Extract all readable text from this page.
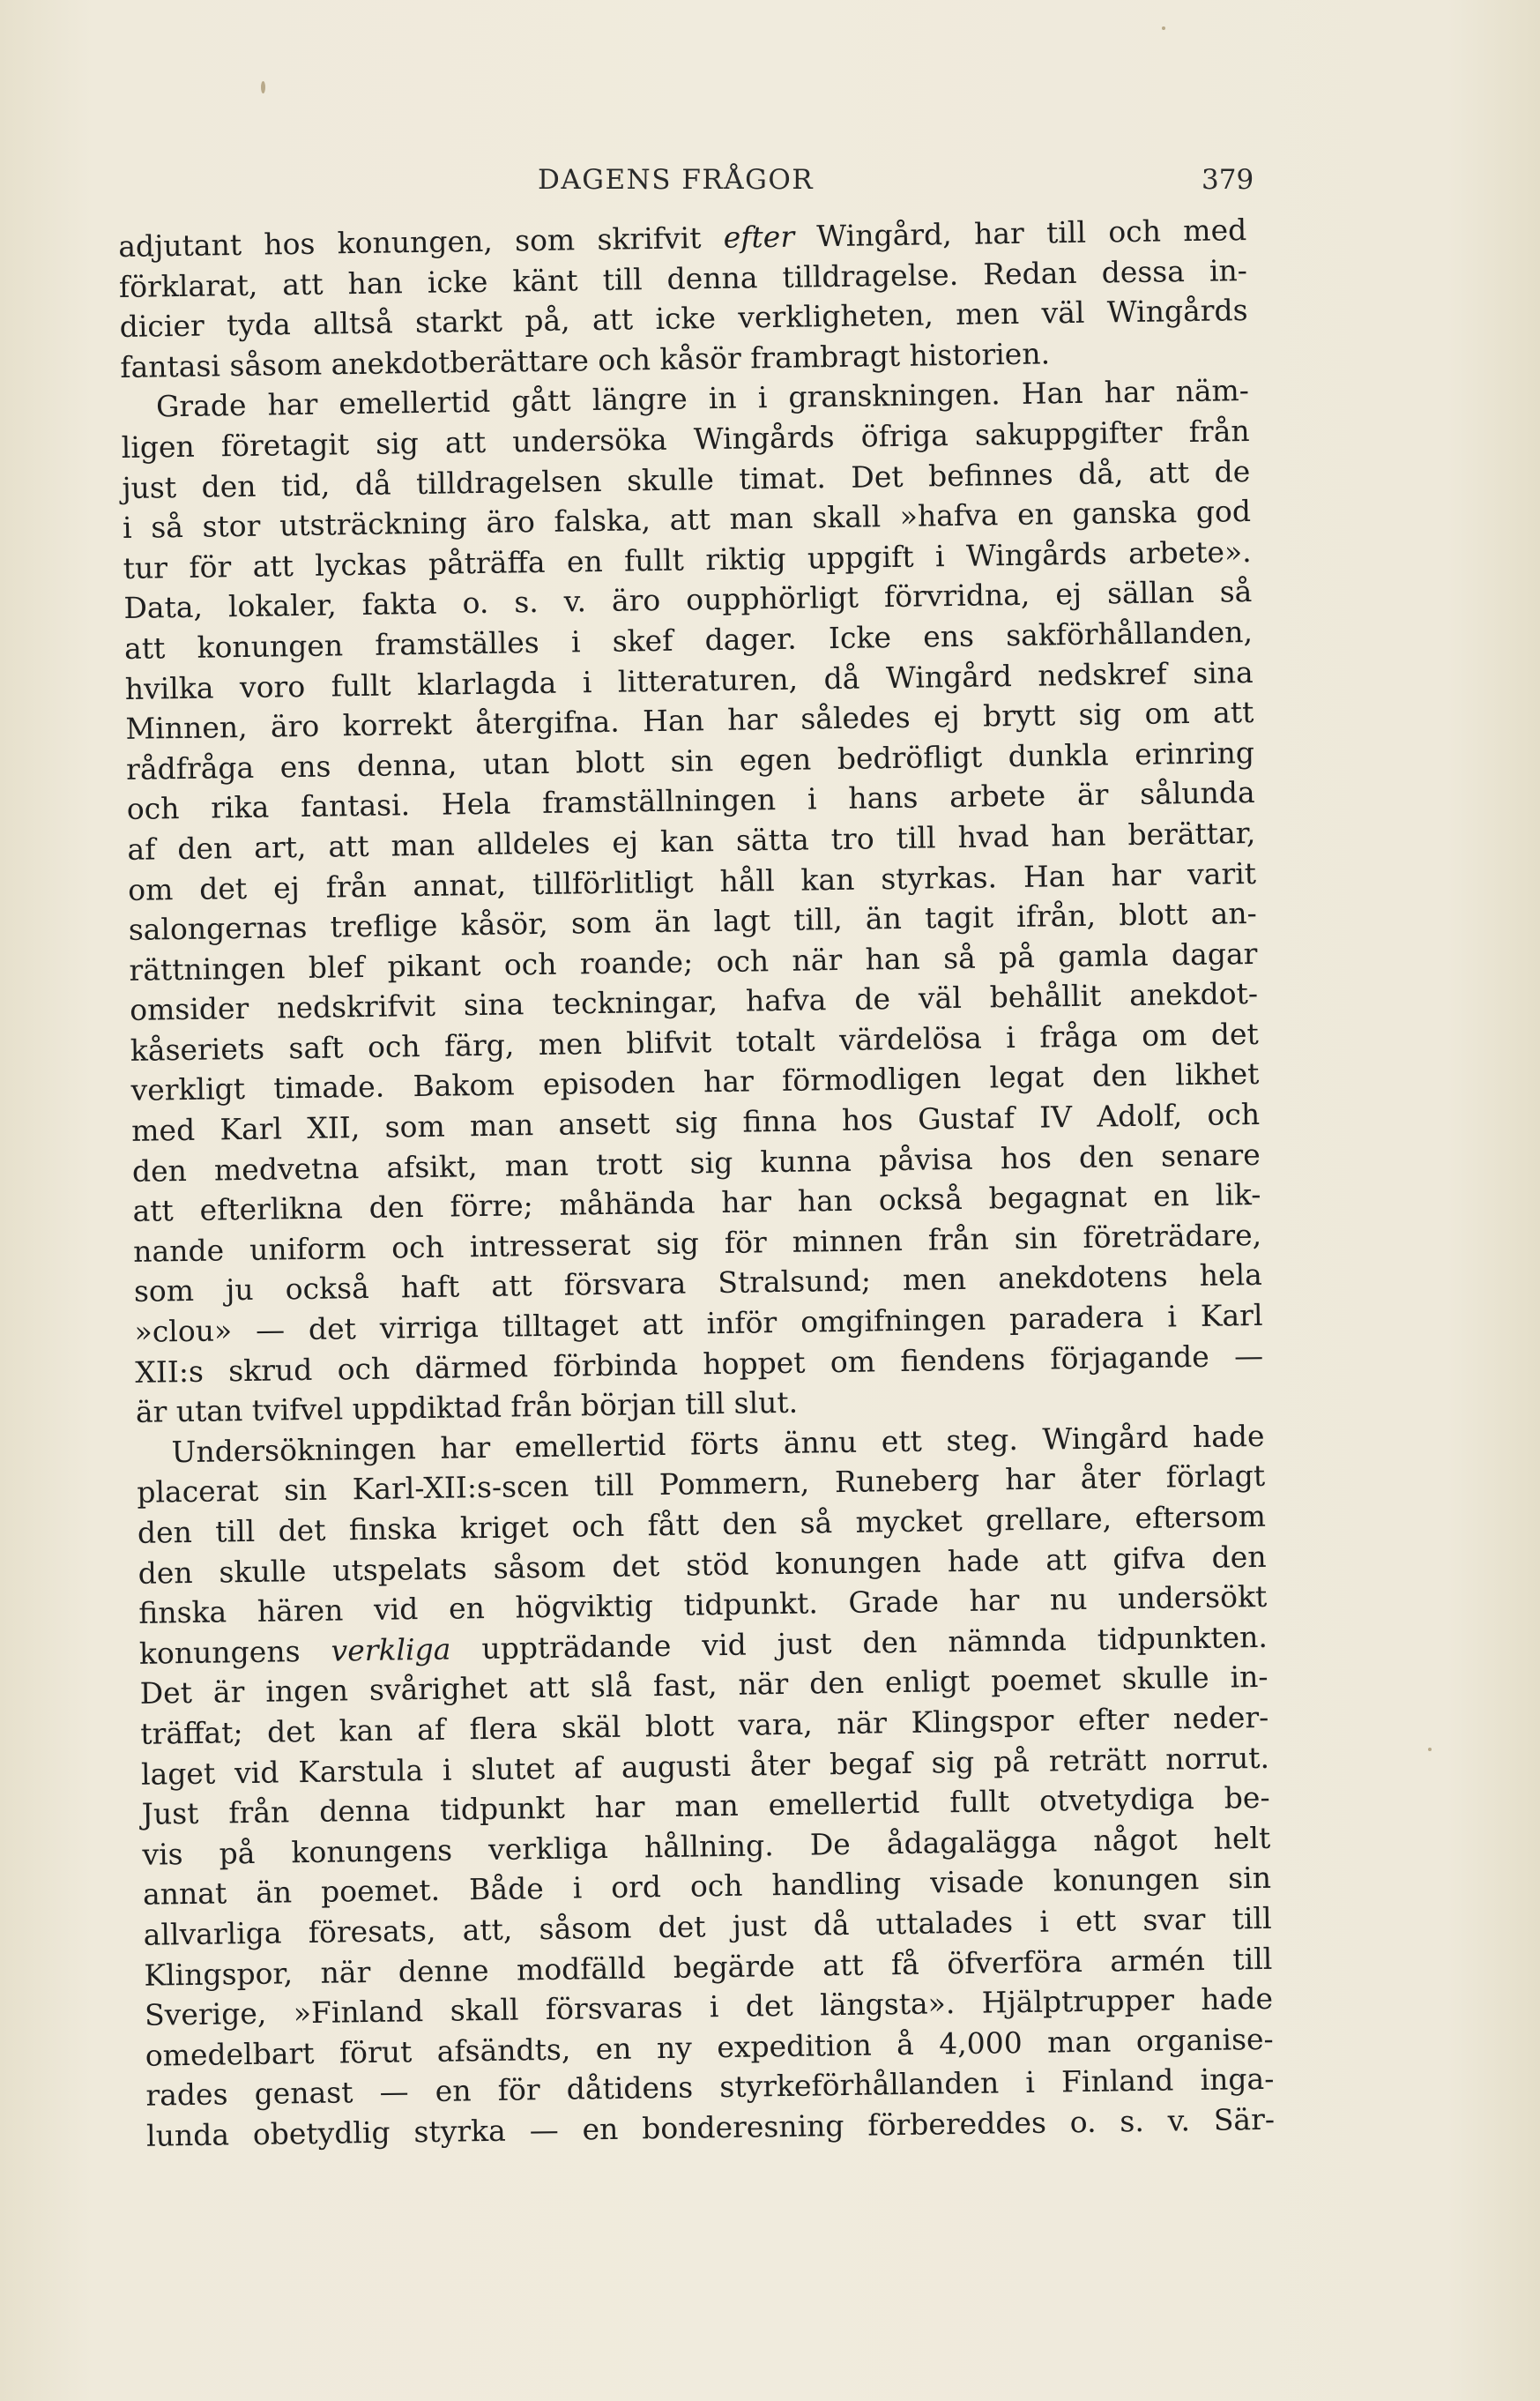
DAGENS FRÅGOR	379
adjutant hos konungen, som skrifvit efter Wingård, har till och med
förklarat, att han icke känt till denna tilldragelse. Redan dessa in-
dicier tyda alltså starkt på, att icke verkligheten, men väl Wingårds
fantasi såsom anekdotberättare och kåsör frambragt historien.
Grade har emellertid gått längre in i granskningen. Han har näm-
ligen företagit sig att undersöka Wingårds öfriga sakuppgifter från
just den tid, då tilldragelsen skulle timat. Det befinnes då, att de
i så stor utsträckning äro falska, att man skall »hafva en ganska god
tur för att lyckas påträffa en fullt riktig uppgift i Wingårds arbete».
Data, lokaler, fakta o. s. v. äro oupphörligt förvridna, ej sällan så
att konungen framställes i skef dager. Icke ens sakförhållanden,
hvilka voro fullt klarlagda i litteraturen, då Wingård nedskref sina
Minnen, äro korrekt återgifna. Han har således ej brytt sig om att
rådfråga ens denna, utan blott sin egen bedröfligt dunkla erinring
och rika fantasi. Hela framställningen i hans arbete är sålunda
af den art, att man alldeles ej kan sätta tro till hvad han berättar,
om det ej från annat, tillförlitligt håll kan styrkas. Han har varit
salongernas treflige kåsör, som än lagt till, än tagit ifrån, blott an-
rättningen blef pikant och roande; och när han så på gamla dagar
omsider nedskrifvit sina teckningar, hafva de väl behållit anekdot-
kåseriets saft och färg, men blifvit totalt värdelösa i fråga om det
verkligt timade. Bakom episoden har förmodligen legat den likhet
med Karl XII, som man ansett sig finna hos Gustaf IV Adolf, och
den medvetna afsikt, man trott sig kunna påvisa hos den senare
att efterlikna den förre; måhända har han också begagnat en lik-
nande uniform och intresserat sig för minnen från sin företrädare,
som ju också haft att försvara Stralsund; men anekdotens hela
»clou» — det virriga tilltaget att inför omgifningen paradera i Karl
XII:s skrud och därmed förbinda hoppet om fiendens förjagande —
är utan tvifvel uppdiktad från början till slut.
Undersökningen har emellertid förts ännu ett steg. Wingård hade
placerat sin Karl-XII:s-scen till Pommern, Runeberg har åter förlagt
den till det finska kriget och fått den så mycket grellare, eftersom
den skulle utspelats såsom det stöd konungen hade att gifva den
finska hären vid en högviktig tidpunkt. Grade har nu undersökt
konungens verkliga uppträdande vid just den nämnda tidpunkten.
Det är ingen svårighet att slå fast, när den enligt poemet skulle in-
träffat; det kan af flera skäl blott vara, när Klingspor efter neder-
laget vid Karstula i slutet af augusti åter begaf sig på reträtt norrut.
Just från denna tidpunkt har man emellertid fullt otvetydiga be-
vis på konungens verkliga hållning. De ådagalägga något helt
annat än poemet. Både i ord och handling visade konungen sin
allvarliga föresats, att, såsom det just då uttalades i ett svar till
Klingspor, när denne modfälld begärde att få öfverföra armén till
Sverige, »Finland skall försvaras i det längsta». Hjälptrupper hade
omedelbart förut afsändts, en ny expedition å 4,000 man organise-
rades genast — en för dåtidens styrkeförhållanden i Finland inga-
lunda obetydlig styrka — en bonderesning förbereddes o. s. v. Sär-
